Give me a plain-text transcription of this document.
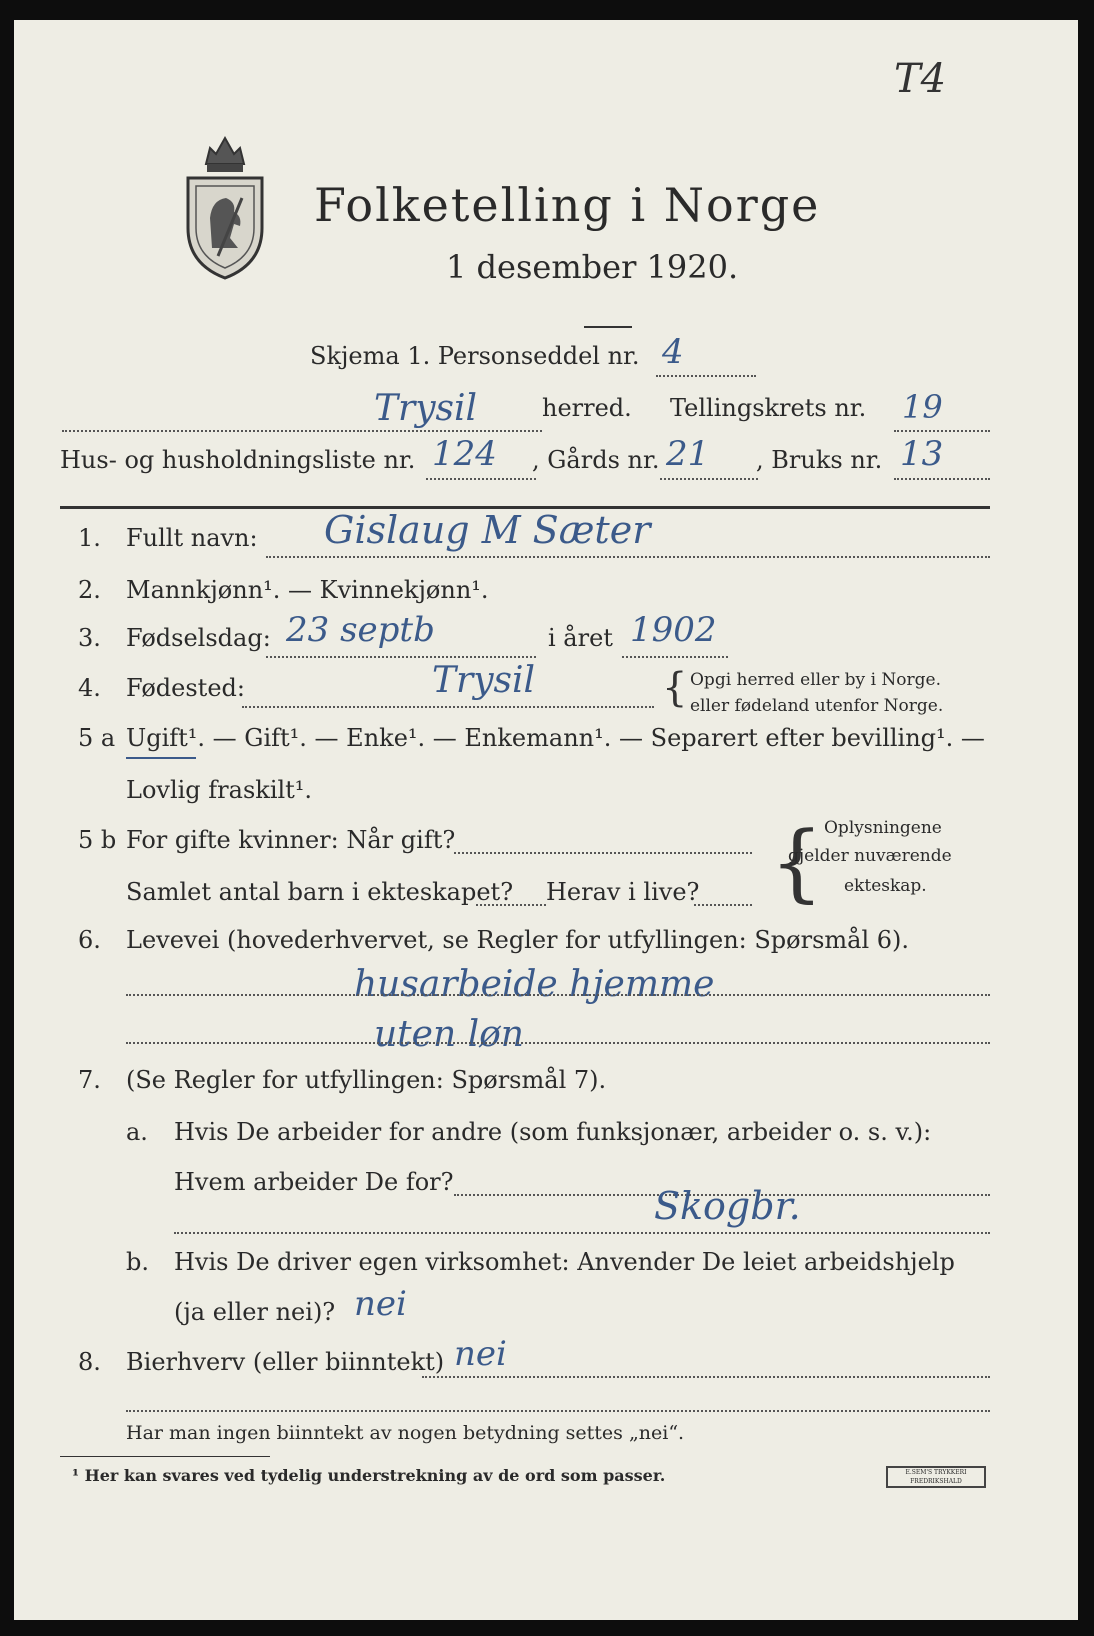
T4
Folketelling i Norge
1 desember 1920.
Skjema 1. Personseddel nr. 4
Trysil	herred. Tellingskrets nr. 19
Hus- og husholdningsliste nr. 124 , Gårds nr. 21 , Bruks nr. 13
1. Fullt navn: Gislaug M Sæter
2. Mannkjønn¹. — Kvinnekjønn¹.
3. Fødselsdag: 23 septb	i året 1902
4. Fødested:	Trysil	{ Opgi herred eller by i Norge.
eller fødeland utenfor Norge.
5 a Ugift¹. — Gift¹. — Enke¹. — Enkemann¹. — Separert efter bevilling¹. —
Lovlig fraskilt¹.
5 b For gifte kvinner: Når gift?
Samlet antal barn i ekteskapet? Herav i live? { Oplysningene
gjelder nuværende
ekteskap.
6. Levevei (hovederhvervet, se Regler for utfyllingen: Spørsmål 6).
husarbeide hjemme
uten løn
7. (Se Regler for utfyllingen: Spørsmål 7).
a. Hvis De arbeider for andre (som funksjonær, arbeider o. s. v.):
Hvem arbeider De for?
Skogbr.
b. Hvis De driver egen virksomhet: Anvender De leiet arbeidshjelp
(ja eller nei)? nei
8. Bierhverv (eller biinntekt) nei
Har man ingen biinntekt av nogen betydning settes „nei“.
¹ Her kan svares ved tydelig understrekning av de ord som passer.	E.SEM'S TRYKKERI FREDRIKSHALD
